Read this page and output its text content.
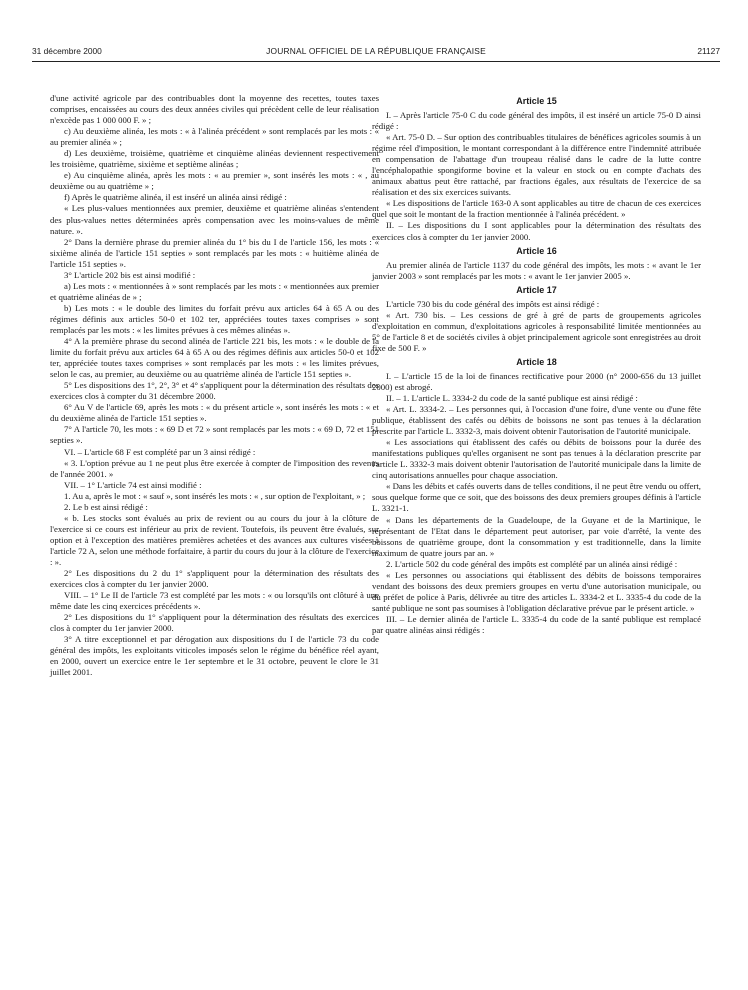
31 décembre 2000	JOURNAL OFFICIEL DE LA RÉPUBLIQUE FRANÇAISE	21127

d'une activité agricole par des contribuables dont la moyenne des recettes, toutes taxes comprises, encaissées au cours des deux années civiles qui précèdent celle de leur réalisation n'excède pas 1 000 000 F. » ;

c) Au deuxième alinéa, les mots : « à l'alinéa précédent » sont remplacés par les mots : « au premier alinéa » ;

d) Les deuxième, troisième, quatrième et cinquième alinéas deviennent respectivement les troisième, quatrième, sixième et septième alinéas ;

e) Au cinquième alinéa, après les mots : « au premier », sont insérés les mots : « , au deuxième ou au quatrième » ;

f) Après le quatrième alinéa, il est inséré un alinéa ainsi rédigé :

« Les plus-values mentionnées aux premier, deuxième et quatrième alinéas s'entendent des plus-values nettes déterminées après compensation avec les moins-values de même nature. ».

2° Dans la dernière phrase du premier alinéa du 1° bis du I de l'article 156, les mots : « sixième alinéa de l'article 151 septies » sont remplacés par les mots : « huitième alinéa de l'article 151 septies ».

3° L'article 202 bis est ainsi modifié :

a) Les mots : « mentionnées à » sont remplacés par les mots : « mentionnées aux premier et quatrième alinéas de » ;

b) Les mots : « le double des limites du forfait prévu aux articles 64 à 65 A ou des régimes définis aux articles 50-0 et 102 ter, appréciées toutes taxes comprises » sont remplacés par les mots : « les limites prévues à ces mêmes alinéas ».

4° A la première phrase du second alinéa de l'article 221 bis, les mots : « le double de la limite du forfait prévu aux articles 64 à 65 A ou des régimes définis aux articles 50-0 et 102 ter, appréciée toutes taxes comprises » sont remplacés par les mots : « les limites prévues, selon le cas, au premier, au deuxième ou au quatrième alinéa de l'article 151 septies ».

5° Les dispositions des 1°, 2°, 3° et 4° s'appliquent pour la détermination des résultats des exercices clos à compter du 31 décembre 2000.

6° Au V de l'article 69, après les mots : « du présent article », sont insérés les mots : « et du deuxième alinéa de l'article 151 septies ».

7° A l'article 70, les mots : « 69 D et 72 » sont remplacés par les mots : « 69 D, 72 et 151 septies ».

VI. – L'article 68 F est complété par un 3 ainsi rédigé :

« 3. L'option prévue au 1 ne peut plus être exercée à compter de l'imposition des revenus de l'année 2001. »

VII. – 1° L'article 74 est ainsi modifié :

1. Au a, après le mot : « sauf », sont insérés les mots : « , sur option de l'exploitant, » ;

2. Le b est ainsi rédigé :

« b. Les stocks sont évalués au prix de revient ou au cours du jour à la clôture de l'exercice si ce cours est inférieur au prix de revient. Toutefois, ils peuvent être évalués, sur option et à l'exception des matières premières achetées et des avances aux cultures visées à l'article 72 A, selon une méthode forfaitaire, à partir du cours du jour à la clôture de l'exercice : ».

2° Les dispositions du 2 du 1° s'appliquent pour la détermination des résultats des exercices clos à compter du 1er janvier 2000.

VIII. – 1° Le II de l'article 73 est complété par les mots : « ou lorsqu'ils ont clôturé à une même date les cinq exercices précédents ».

2° Les dispositions du 1° s'appliquent pour la détermination des résultats des exercices clos à compter du 1er janvier 2000.

3° A titre exceptionnel et par dérogation aux dispositions du I de l'article 73 du code général des impôts, les exploitants viticoles imposés selon le régime du bénéfice réel ayant, en 2000, ouvert un exercice entre le 1er septembre et le 31 octobre, peuvent le clore le 31 juillet 2001.

Article 15

I. – Après l'article 75-0 C du code général des impôts, il est inséré un article 75-0 D ainsi rédigé :

« Art. 75-0 D. – Sur option des contribuables titulaires de bénéfices agricoles soumis à un régime réel d'imposition, le montant correspondant à la différence entre l'indemnité attribuée en compensation de l'abattage d'un troupeau réalisé dans le cadre de la lutte contre l'encéphalopathie spongiforme bovine et la valeur en stock ou en compte d'achats des animaux abattus peut être rattaché, par fractions égales, aux résultats de l'exercice de sa réalisation et des six exercices suivants.

« Les dispositions de l'article 163-0 A sont applicables au titre de chacun de ces exercices quel que soit le montant de la fraction mentionnée à l'alinéa précédent. »

II. – Les dispositions du I sont applicables pour la détermination des résultats des exercices clos à compter du 1er janvier 2000.

Article 16

Au premier alinéa de l'article 1137 du code général des impôts, les mots : « avant le 1er janvier 2003 » sont remplacés par les mots : « avant le 1er janvier 2005 ».

Article 17

L'article 730 bis du code général des impôts est ainsi rédigé :

« Art. 730 bis. – Les cessions de gré à gré de parts de groupements agricoles d'exploitation en commun, d'exploitations agricoles à responsabilité limitée mentionnées au 5° de l'article 8 et de sociétés civiles à objet principalement agricole sont enregistrées au droit fixe de 500 F. »

Article 18

I. – L'article 15 de la loi de finances rectificative pour 2000 (n° 2000-656 du 13 juillet 2000) est abrogé.

II. – 1. L'article L. 3334-2 du code de la santé publique est ainsi rédigé :

« Art. L. 3334-2. – Les personnes qui, à l'occasion d'une foire, d'une vente ou d'une fête publique, établissent des cafés ou débits de boissons ne sont pas tenues à la déclaration prescrite par l'article L. 3332-3, mais doivent obtenir l'autorisation de l'autorité municipale.

« Les associations qui établissent des cafés ou débits de boissons pour la durée des manifestations publiques qu'elles organisent ne sont pas tenues à la déclaration prescrite par l'article L. 3332-3 mais doivent obtenir l'autorisation de l'autorité municipale dans la limite de cinq autorisations annuelles pour chaque association.

« Dans les débits et cafés ouverts dans de telles conditions, il ne peut être vendu ou offert, sous quelque forme que ce soit, que des boissons des deux premiers groupes définis à l'article L. 3321-1.

« Dans les départements de la Guadeloupe, de la Guyane et de la Martinique, le représentant de l'Etat dans le département peut autoriser, par voie d'arrêté, la vente des boissons de quatrième groupe, dont la consommation y est traditionnelle, dans la limite maximum de quatre jours par an. »

2. L'article 502 du code général des impôts est complété par un alinéa ainsi rédigé :

« Les personnes ou associations qui établissent des débits de boissons temporaires vendant des boissons des deux premiers groupes en vertu d'une autorisation municipale, ou du préfet de police à Paris, délivrée au titre des articles L. 3334-2 et L. 3335-4 du code de la santé publique ne sont pas soumises à l'obligation déclarative prévue par le présent article. »

III. – Le dernier alinéa de l'article L. 3335-4 du code de la santé publique est remplacé par quatre alinéas ainsi rédigés :
